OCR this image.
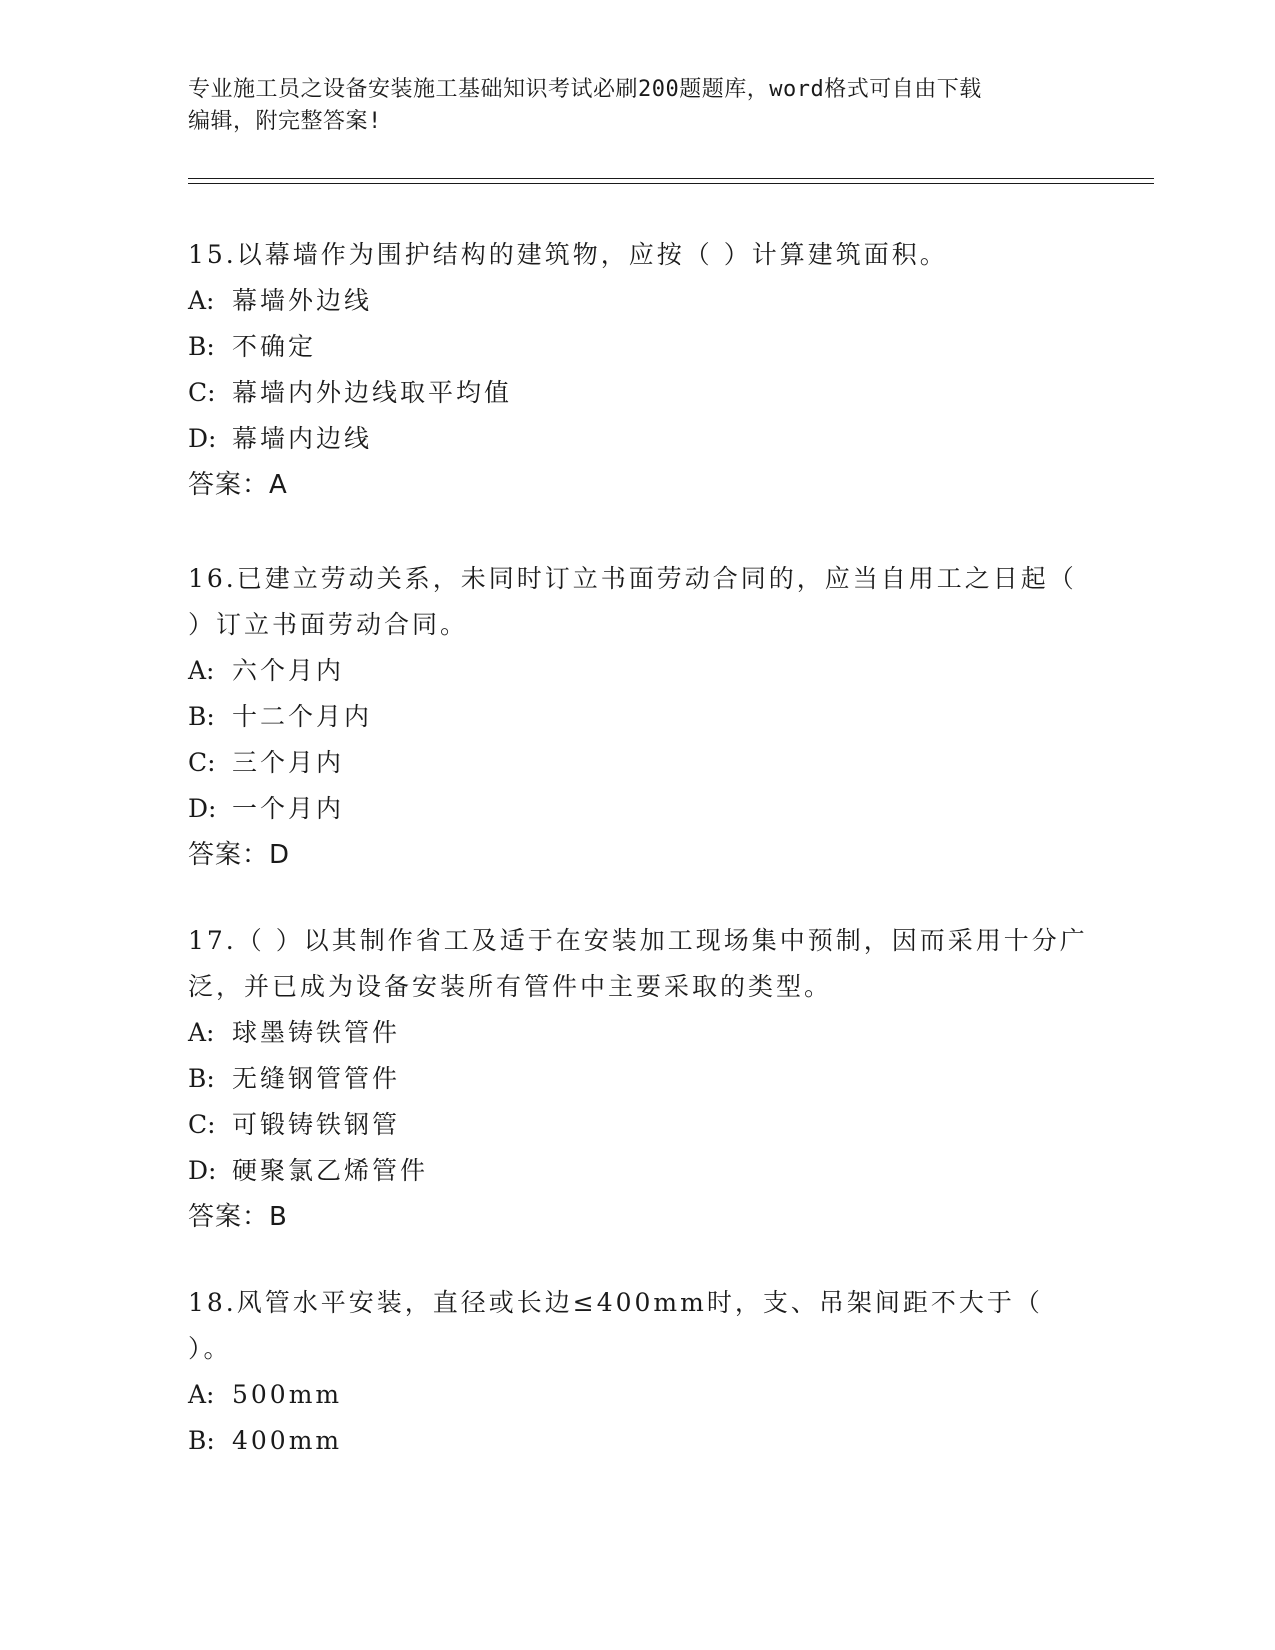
专业施工员之设备安装施工基础知识考试必刷200题题库，word格式可自由下载
编辑，附完整答案!

15.以幕墙作为围护结构的建筑物，应按（ ）计算建筑面积。

A: 幕墙外边线

B: 不确定

C: 幕墙内外边线取平均值

D: 幕墙内边线

答案：A

16.已建立劳动关系，未同时订立书面劳动合同的，应当自用工之日起（ ）订立书面劳动合同。

A: 六个月内

B: 十二个月内

C: 三个月内

D: 一个月内

答案：D

17.（ ）以其制作省工及适于在安装加工现场集中预制，因而采用十分广泛，并已成为设备安装所有管件中主要采取的类型。

A: 球墨铸铁管件

B: 无缝钢管管件

C: 可锻铸铁钢管

D: 硬聚氯乙烯管件

答案：B

18.风管水平安装，直径或长边≤400mm时，支、吊架间距不大于（ ）。

A: 500mm

B: 400mm
